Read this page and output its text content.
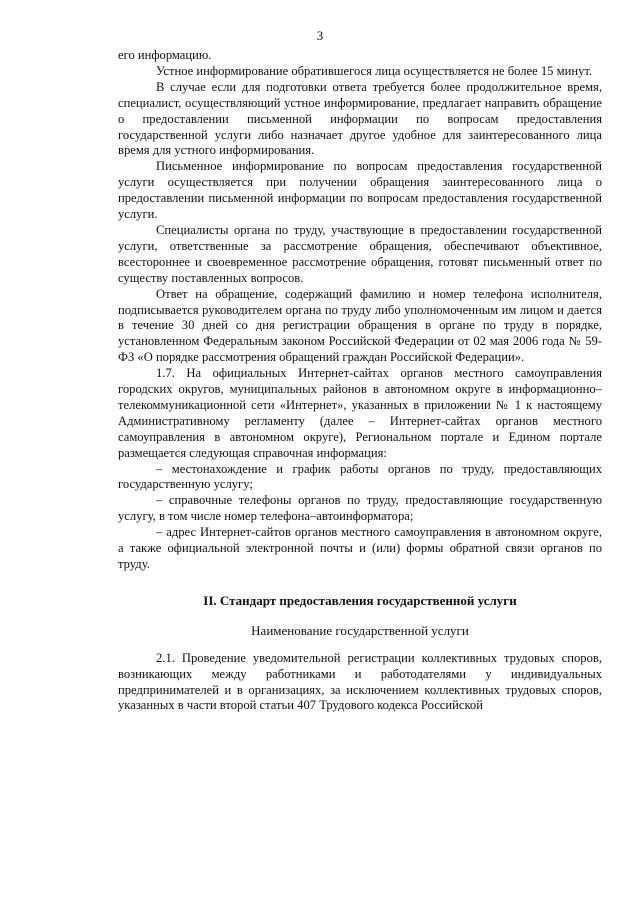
3

его информацию.

Устное информирование обратившегося лица осуществляется не более 15 минут.

В случае если для подготовки ответа требуется более продолжительное время, специалист, осуществляющий устное информирование, предлагает направить обращение о предоставлении письменной информации по вопросам предоставления государственной услуги либо назначает другое удобное для заинтересованного лица время для устного информирования.

Письменное информирование по вопросам предоставления государственной услуги осуществляется при получении обращения заинтересованного лица о предоставлении письменной информации по вопросам предоставления государственной услуги.

Специалисты органа по труду, участвующие в предоставлении государственной услуги, ответственные за рассмотрение обращения, обеспечивают объективное, всестороннее и своевременное рассмотрение обращения, готовят письменный ответ по существу поставленных вопросов.

Ответ на обращение, содержащий фамилию и номер телефона исполнителя, подписывается руководителем органа по труду либо уполномоченным им лицом и дается в течение 30 дней со дня регистрации обращения в органе по труду в порядке, установленном Федеральным законом Российской Федерации от 02 мая 2006 года № 59-ФЗ «О порядке рассмотрения обращений граждан Российской Федерации».

1.7. На официальных Интернет-сайтах органов местного самоуправления городских округов, муниципальных районов в автономном округе в информационно–телекоммуникационной сети «Интернет», указанных в приложении № 1 к настоящему Административному регламенту (далее – Интернет-сайтах органов местного самоуправления в автономном округе), Региональном портале и Едином портале размещается следующая справочная информация:

– местонахождение и график работы органов по труду, предоставляющих государственную услугу;

– справочные телефоны органов по труду, предоставляющие государственную услугу, в том числе номер телефона–автоинформатора;

– адрес Интернет-сайтов органов местного самоуправления в автономном округе, а также официальной электронной почты и (или) формы обратной связи органов по труду.

II. Стандарт предоставления государственной услуги

Наименование государственной услуги

2.1. Проведение уведомительной регистрации коллективных трудовых споров, возникающих между работниками и работодателями у индивидуальных предпринимателей и в организациях, за исключением коллективных трудовых споров, указанных в части второй статьи 407 Трудового кодекса Российской
